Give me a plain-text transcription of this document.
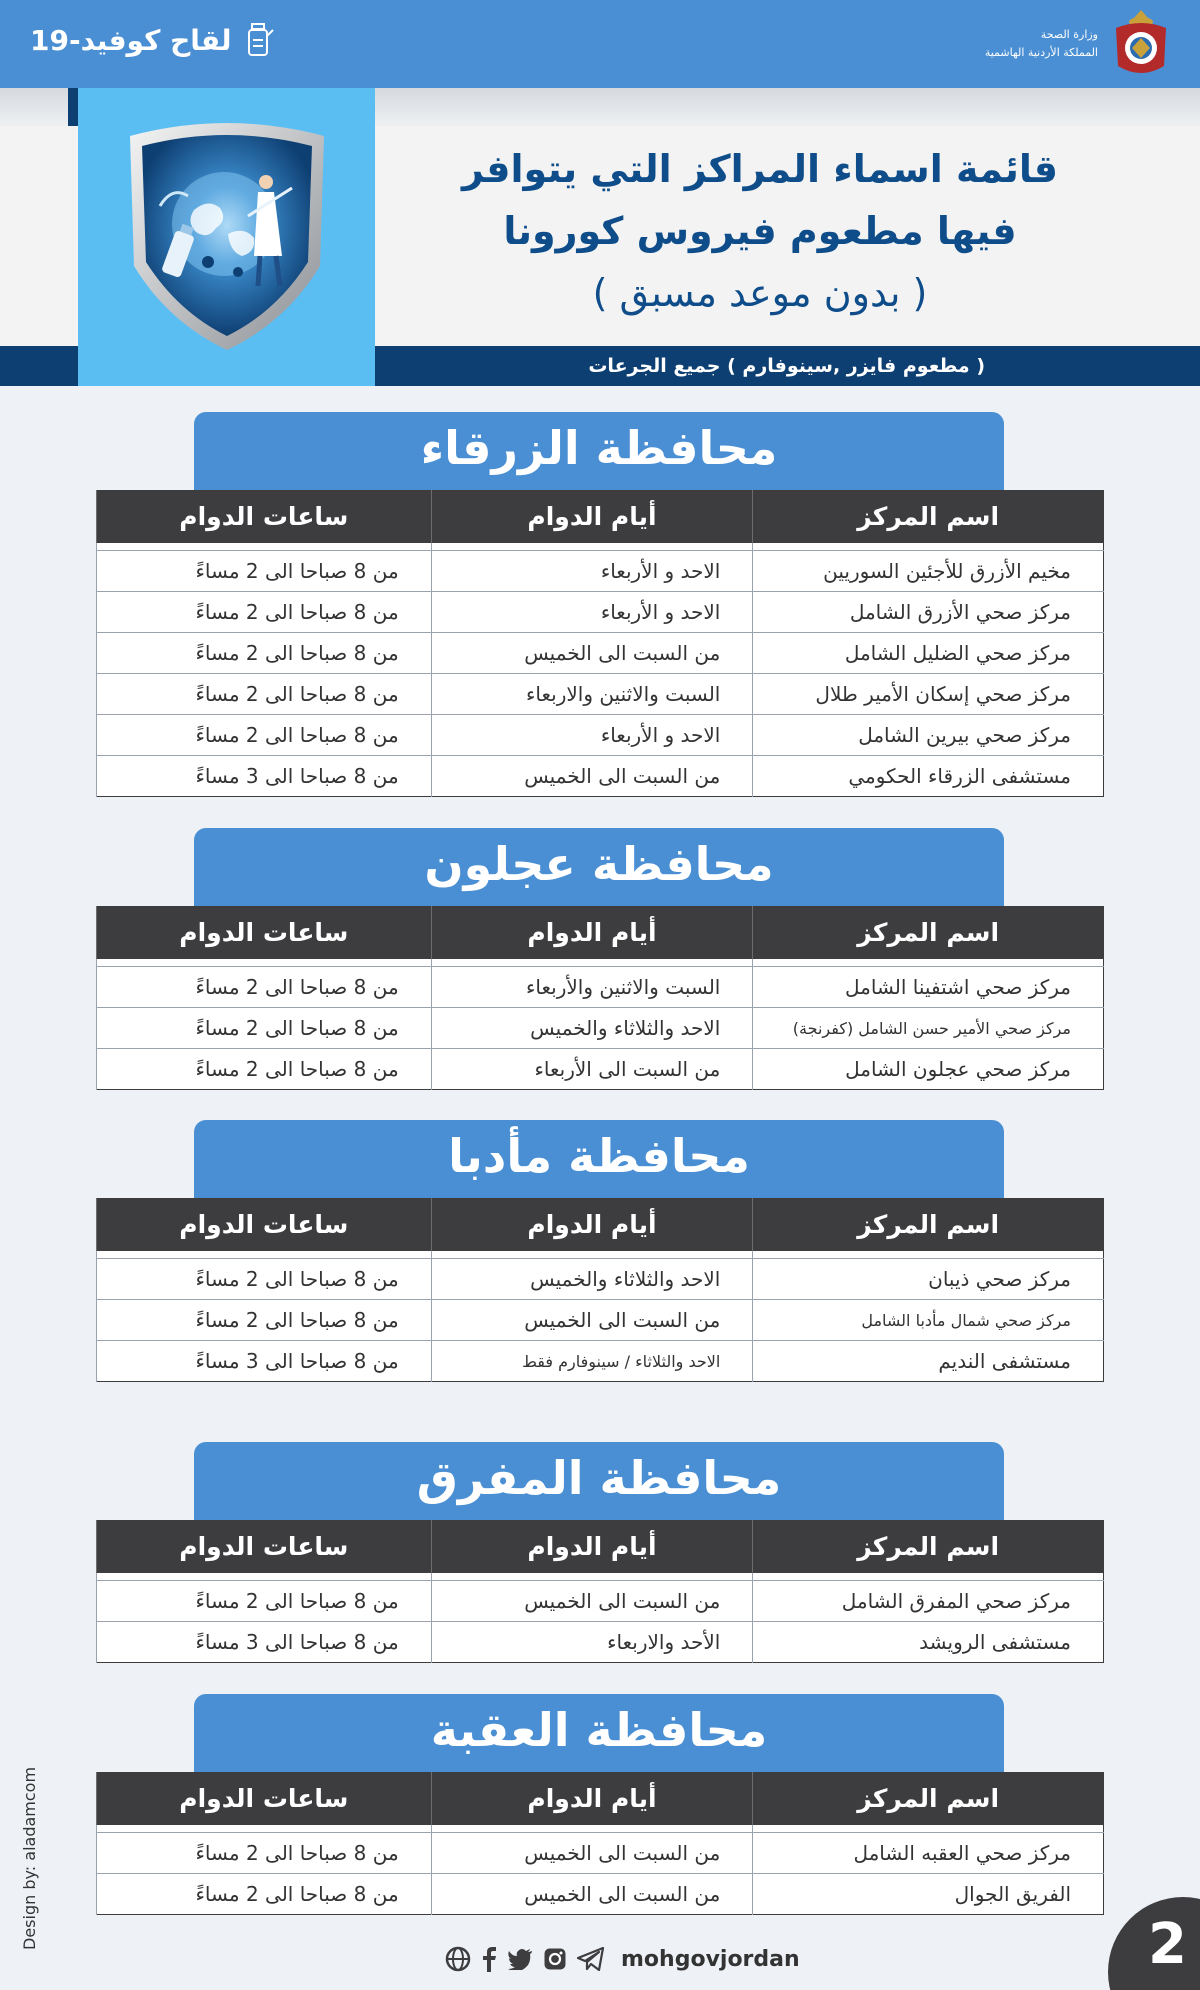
لقاح كوفيد-19	وزارة الصحة
المملكة الأردنية الهاشمية
( مطعوم فايزر ,سينوفارم ) جميع الجرعات
قائمة اسماء المراكز التي يتوافر
فيها مطعوم فيروس كورونا
( بدون موعد مسبق )
محافظة الزرقاء
اسم المركز	أيام الدوام	ساعات الدوام

مخيم الأزرق للأجئين السوريين	الاحد و الأربعاء	من 8 صباحا الى 2 مساءً
مركز صحي الأزرق الشامل	الاحد و الأربعاء	من 8 صباحا الى 2 مساءً
مركز صحي الضليل الشامل	من السبت الى الخميس	من 8 صباحا الى 2 مساءً
مركز صحي إسكان الأمير طلال	السبت والاثنين والاربعاء	من 8 صباحا الى 2 مساءً
مركز صحي بيرين الشامل	الاحد و الأربعاء	من 8 صباحا الى 2 مساءً
مستشفى الزرقاء الحكومي	من السبت الى الخميس	من 8 صباحا الى 3 مساءً
محافظة عجلون
اسم المركز	أيام الدوام	ساعات الدوام

مركز صحي اشتفينا الشامل	السبت والاثنين والأربعاء	من 8 صباحا الى 2 مساءً
مركز صحي الأمير حسن الشامل (كفرنجة)	الاحد والثلاثاء والخميس	من 8 صباحا الى 2 مساءً
مركز صحي عجلون الشامل	من السبت الى الأربعاء	من 8 صباحا الى 2 مساءً
محافظة مأدبا
اسم المركز	أيام الدوام	ساعات الدوام

مركز صحي ذيبان	الاحد والثلاثاء والخميس	من 8 صباحا الى 2 مساءً
مركز صحي شمال مأدبا الشامل	من السبت الى الخميس	من 8 صباحا الى 2 مساءً
مستشفى النديم	الاحد والثلاثاء / سينوفارم فقط	من 8 صباحا الى 3 مساءً
محافظة المفرق
اسم المركز	أيام الدوام	ساعات الدوام

مركز صحي المفرق الشامل	من السبت الى الخميس	من 8 صباحا الى 2 مساءً
مستشفى الرويشد	الأحد والاربعاء	من 8 صباحا الى 3 مساءً
محافظة العقبة
اسم المركز	أيام الدوام	ساعات الدوام

مركز صحي العقبه الشامل	من السبت الى الخميس	من 8 صباحا الى 2 مساءً
الفريق الجوال	من السبت الى الخميس	من 8 صباحا الى 2 مساءً
Design by: aladamcom
mohgovjordan	2
